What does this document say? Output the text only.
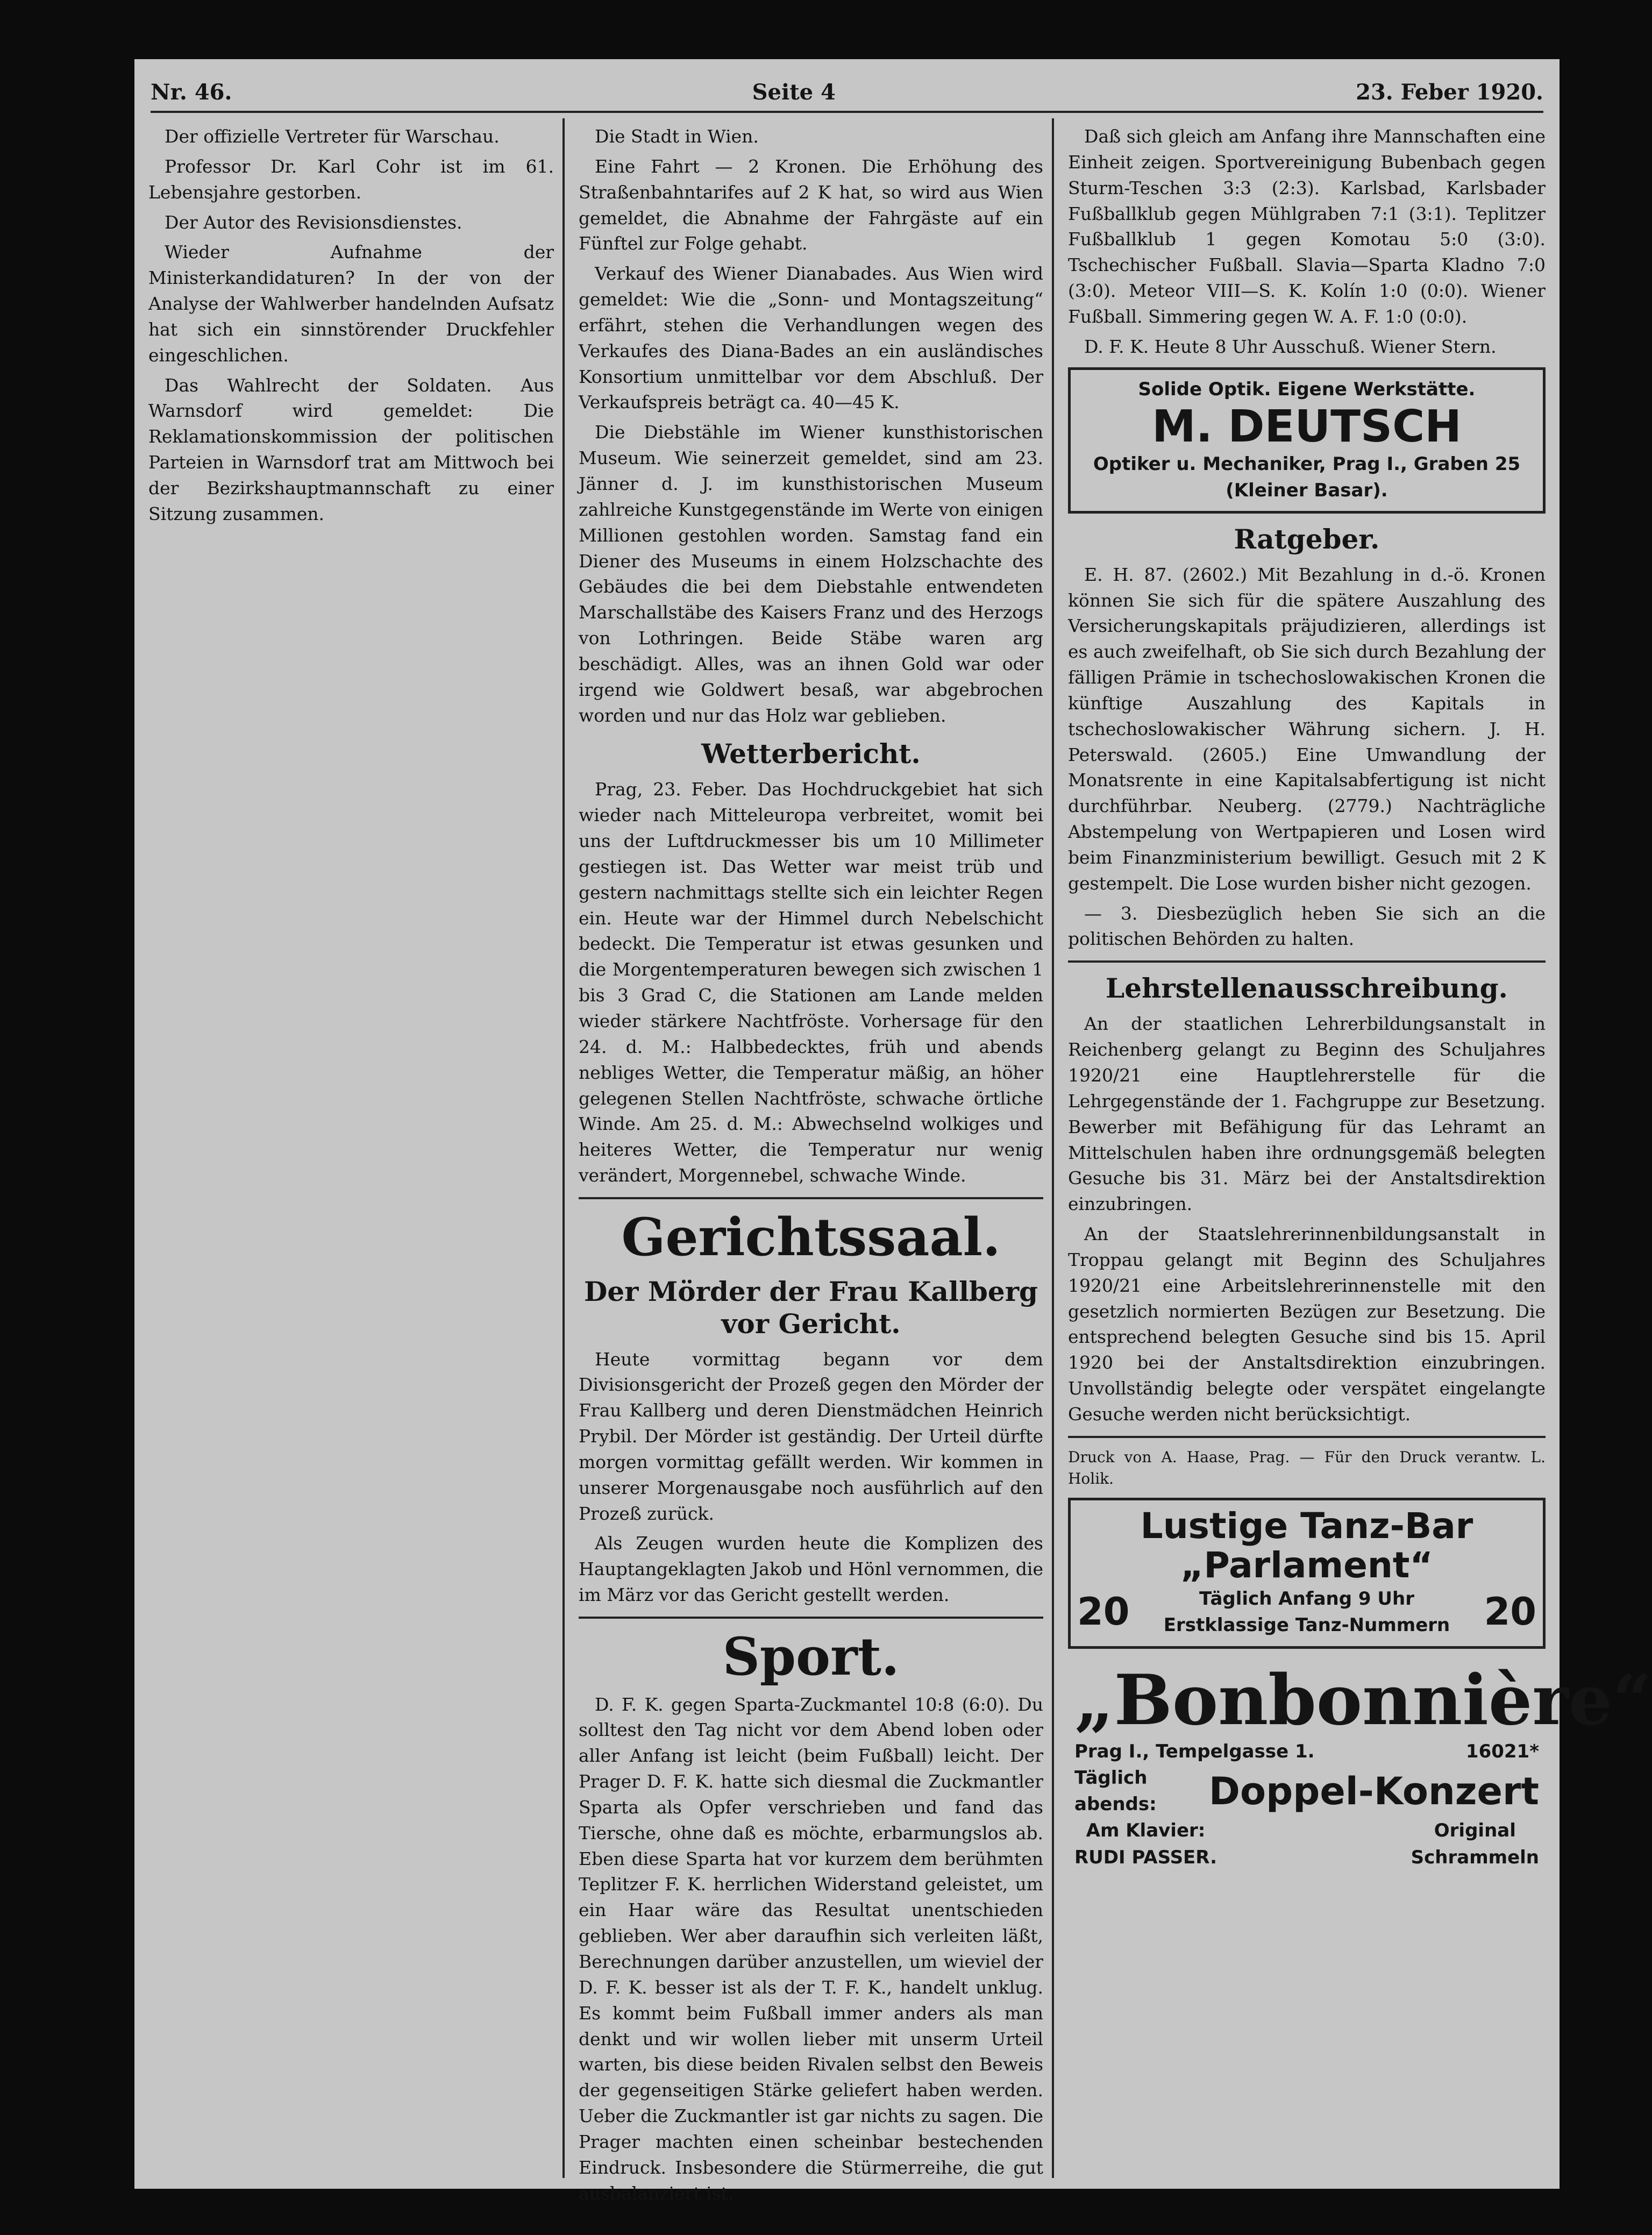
Nr. 46.	Seite 4	23. Feber 1920.

Der offizielle Vertreter für Warschau.

Professor Dr. Karl Cohr ist im 61. Lebensjahre gestorben.

Der Autor des Revisionsdienstes.

Wieder Aufnahme der Ministerkandidaturen? In der von der Analyse der Wahlwerber handelnden Aufsatz hat sich ein sinnstörender Druckfehler eingeschlichen.

Das Wahlrecht der Soldaten. Aus Warnsdorf wird gemeldet: Die Reklamationskommission der politischen Parteien in Warnsdorf trat am Mittwoch bei der Bezirkshauptmannschaft zu einer Sitzung zusammen.

Die Stadt in Wien.

Eine Fahrt — 2 Kronen. Die Erhöhung des Straßenbahntarifes auf 2 K hat, so wird aus Wien gemeldet, die Abnahme der Fahrgäste auf ein Fünftel zur Folge gehabt.

Verkauf des Wiener Dianabades. Aus Wien wird gemeldet: Wie die „Sonn- und Montagszeitung“ erfährt, stehen die Verhandlungen wegen des Verkaufes des Diana-Bades an ein ausländisches Konsortium unmittelbar vor dem Abschluß. Der Verkaufspreis beträgt ca. 40—45 K.

Die Diebstähle im Wiener kunsthistorischen Museum. Wie seinerzeit gemeldet, sind am 23. Jänner d. J. im kunsthistorischen Museum zahlreiche Kunstgegenstände im Werte von einigen Millionen gestohlen worden. Samstag fand ein Diener des Museums in einem Holzschachte des Gebäudes die bei dem Diebstahle entwendeten Marschallstäbe des Kaisers Franz und des Herzogs von Lothringen. Beide Stäbe waren arg beschädigt. Alles, was an ihnen Gold war oder irgend wie Goldwert besaß, war abgebrochen worden und nur das Holz war geblieben.

Wetterbericht.

Prag, 23. Feber. Das Hochdruckgebiet hat sich wieder nach Mitteleuropa verbreitet, womit bei uns der Luftdruckmesser bis um 10 Millimeter gestiegen ist. Das Wetter war meist trüb und gestern nachmittags stellte sich ein leichter Regen ein. Heute war der Himmel durch Nebelschicht bedeckt. Die Temperatur ist etwas gesunken und die Morgentemperaturen bewegen sich zwischen 1 bis 3 Grad C, die Stationen am Lande melden wieder stärkere Nachtfröste. Vorhersage für den 24. d. M.: Halbbedecktes, früh und abends nebliges Wetter, die Temperatur mäßig, an höher gelegenen Stellen Nachtfröste, schwache örtliche Winde. Am 25. d. M.: Abwechselnd wolkiges und heiteres Wetter, die Temperatur nur wenig verändert, Morgennebel, schwache Winde.

Gerichtssaal.
Der Mörder der Frau Kallberg vor Gericht.

Heute vormittag begann vor dem Divisionsgericht der Prozeß gegen den Mörder der Frau Kallberg und deren Dienstmädchen Heinrich Prybil. Der Mörder ist geständig. Der Urteil dürfte morgen vormittag gefällt werden. Wir kommen in unserer Morgenausgabe noch ausführlich auf den Prozeß zurück.

Als Zeugen wurden heute die Komplizen des Hauptangeklagten Jakob und Hönl vernommen, die im März vor das Gericht gestellt werden.

Sport.

D. F. K. gegen Sparta-Zuckmantel 10:8 (6:0). Du solltest den Tag nicht vor dem Abend loben oder aller Anfang ist leicht (beim Fußball) leicht. Der Prager D. F. K. hatte sich diesmal die Zuckmantler Sparta als Opfer verschrieben und fand das Tiersche, ohne daß es möchte, erbarmungslos ab. Eben diese Sparta hat vor kurzem dem berühmten Teplitzer F. K. herrlichen Widerstand geleistet, um ein Haar wäre das Resultat unentschieden geblieben. Wer aber daraufhin sich verleiten läßt, Berechnungen darüber anzustellen, um wieviel der D. F. K. besser ist als der T. F. K., handelt unklug. Es kommt beim Fußball immer anders als man denkt und wir wollen lieber mit unserm Urteil warten, bis diese beiden Rivalen selbst den Beweis der gegenseitigen Stärke geliefert haben werden. Ueber die Zuckmantler ist gar nichts zu sagen. Die Prager machten einen scheinbar bestechenden Eindruck. Insbesondere die Stürmerreihe, die gut ausbalanziert ist.

Daß sich gleich am Anfang ihre Mannschaften eine Einheit zeigen. Sportvereinigung Bubenbach gegen Sturm-Teschen 3:3 (2:3). Karlsbad, Karlsbader Fußballklub gegen Mühlgraben 7:1 (3:1). Teplitzer Fußballklub 1 gegen Komotau 5:0 (3:0). Tschechischer Fußball. Slavia—Sparta Kladno 7:0 (3:0). Meteor VIII—S. K. Kolín 1:0 (0:0). Wiener Fußball. Simmering gegen W. A. F. 1:0 (0:0).

D. F. K. Heute 8 Uhr Ausschuß. Wiener Stern.

Solide Optik. Eigene Werkstätte.
M. DEUTSCH
Optiker u. Mechaniker, Prag I., Graben 25
(Kleiner Basar).
Ratgeber.

E. H. 87. (2602.) Mit Bezahlung in d.-ö. Kronen können Sie sich für die spätere Auszahlung des Versicherungskapitals präjudizieren, allerdings ist es auch zweifelhaft, ob Sie sich durch Bezahlung der fälligen Prämie in tschechoslowakischen Kronen die künftige Auszahlung des Kapitals in tschechoslowakischer Währung sichern. J. H. Peterswald. (2605.) Eine Umwandlung der Monatsrente in eine Kapitalsabfertigung ist nicht durchführbar. Neuberg. (2779.) Nachträgliche Abstempelung von Wertpapieren und Losen wird beim Finanzministerium bewilligt. Gesuch mit 2 K gestempelt. Die Lose wurden bisher nicht gezogen.

— 3. Diesbezüglich heben Sie sich an die politischen Behörden zu halten.

Lehrstellenausschreibung.

An der staatlichen Lehrerbildungsanstalt in Reichenberg gelangt zu Beginn des Schuljahres 1920/21 eine Hauptlehrerstelle für die Lehrgegenstände der 1. Fachgruppe zur Besetzung. Bewerber mit Befähigung für das Lehramt an Mittelschulen haben ihre ordnungsgemäß belegten Gesuche bis 31. März bei der Anstaltsdirektion einzubringen.

An der Staatslehrerinnenbildungsanstalt in Troppau gelangt mit Beginn des Schuljahres 1920/21 eine Arbeitslehrerinnenstelle mit den gesetzlich normierten Bezügen zur Besetzung. Die entsprechend belegten Gesuche sind bis 15. April 1920 bei der Anstaltsdirektion einzubringen. Unvollständig belegte oder verspätet eingelangte Gesuche werden nicht berücksichtigt.

Druck von A. Haase, Prag. — Für den Druck verantw. L. Holik.

Lustige Tanz-Bar „Parlament“
20	Täglich Anfang 9 Uhr
Erstklassige Tanz-Nummern 20
„Bonbonnière“
Prag I., Tempelgasse 1.	16021*
Täglich abends: Doppel-Konzert
Am Klavier:
RUDI PASSER.
Original
Schrammeln
